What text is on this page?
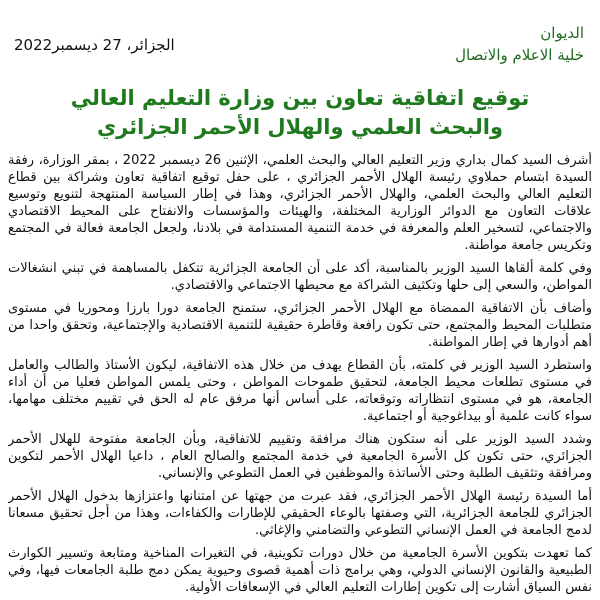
الديوان
خلية الاعلام والاتصال
الجزائر، 27 ديسمبر2022
توقيع اتفاقية تعاون بين وزارة التعليم العالي
والبحث العلمي والهلال الأحمر الجزائري

أشرف السيد كمال بداري وزير التعليم العالي والبحث العلمي، الإثنين 26 ديسمبر 2022 ، بمقر الوزارة، رفقة السيدة ابتسام حملاوي رئيسة الهلال الأحمر الجزائري ، على حفل توقيع اتفاقية تعاون وشراكة بين قطاع التعليم العالي والبحث العلمي، والهلال الأحمر الجزائري، وهذا في إطار السياسة المنتهجة لتنويع وتوسيع علاقات التعاون مع الدوائر الوزارية المختلفة، والهيئات والمؤسسات والانفتاح على المحيط الاقتصادي والاجتماعي، لتسخير العلم والمعرفة في خدمة التنمية المستدامة في بلادنا، ولجعل الجامعة فعالة في المجتمع وتكريس جامعة مواطنة.

وفي كلمة ألقاها السيد الوزير بالمناسبة، أكد على أن الجامعة الجزائرية تتكفل بالمساهمة في تبني انشغالات المواطن، والسعي إلى حلها وتكثيف الشراكة مع محيطها الاجتماعي والاقتصادي.

وأضاف بأن الاتفاقية الممضاة مع الهلال الأحمر الجزائري، ستمنح الجامعة دورا بارزا ومحوريا في مستوى متطلبات المحيط والمجتمع، حتى تكون رافعة وقاطرة حقيقية للتنمية الاقتصادية والإجتماعية، وتحقق واحدا من أهم أدوارها في إطار المواطنة.

واستطرد السيد الوزير في كلمته، بأن القطاع يهدف من خلال هذه الاتفاقية، ليكون الأستاذ والطالب والعامل في مستوى تطلعات محيط الجامعة، لتحقيق طموحات المواطن ، وحتى يلمس المواطن فعليا من أن أداء الجامعة، هو في مستوى انتظاراته وتوقعاته، على أساس أنها مرفق عام له الحق في تقييم مختلف مهامها، سواء كانت علمية أو بيداغوجية أو اجتماعية.

وشدد السيد الوزير على أنه ستكون هناك مرافقة وتقييم للاتفاقية، وبأن الجامعة مفتوحة للهلال الأحمر الجزائري، حتى تكون كل الأسرة الجامعية في خدمة المجتمع والصالح العام ، داعيا الهلال الأحمر لتكوين ومرافقة وتثقيف الطلبة وحتى الأساتذة والموظفين في العمل التطوعي والإنساني.

أما السيدة رئيسة الهلال الأحمر الجزائري، فقد عبرت من جهتها عن امتنانها واعتزازها بدخول الهلال الأحمر الجزائري للجامعة الجزائرية، التي وصفتها بالوعاء الحقيقي للإطارات والكفاءات، وهذا من أجل تحقيق مسعانا لدمج الجامعة في العمل الإنساني التطوعي والتضامني والإغاثي.

كما تعهدت بتكوين الأسرة الجامعية من خلال دورات تكوينية، في التغيرات المناخية ومتابعة وتسيير الكوارث الطبيعية والقانون الإنساني الدولي، وهي برامج ذات أهمية قصوى وحيوية يمكن دمج طلبة الجامعات فيها، وفي نفس السياق أشارت إلى تكوين إطارات التعليم العالي في الإسعافات الأولية.
